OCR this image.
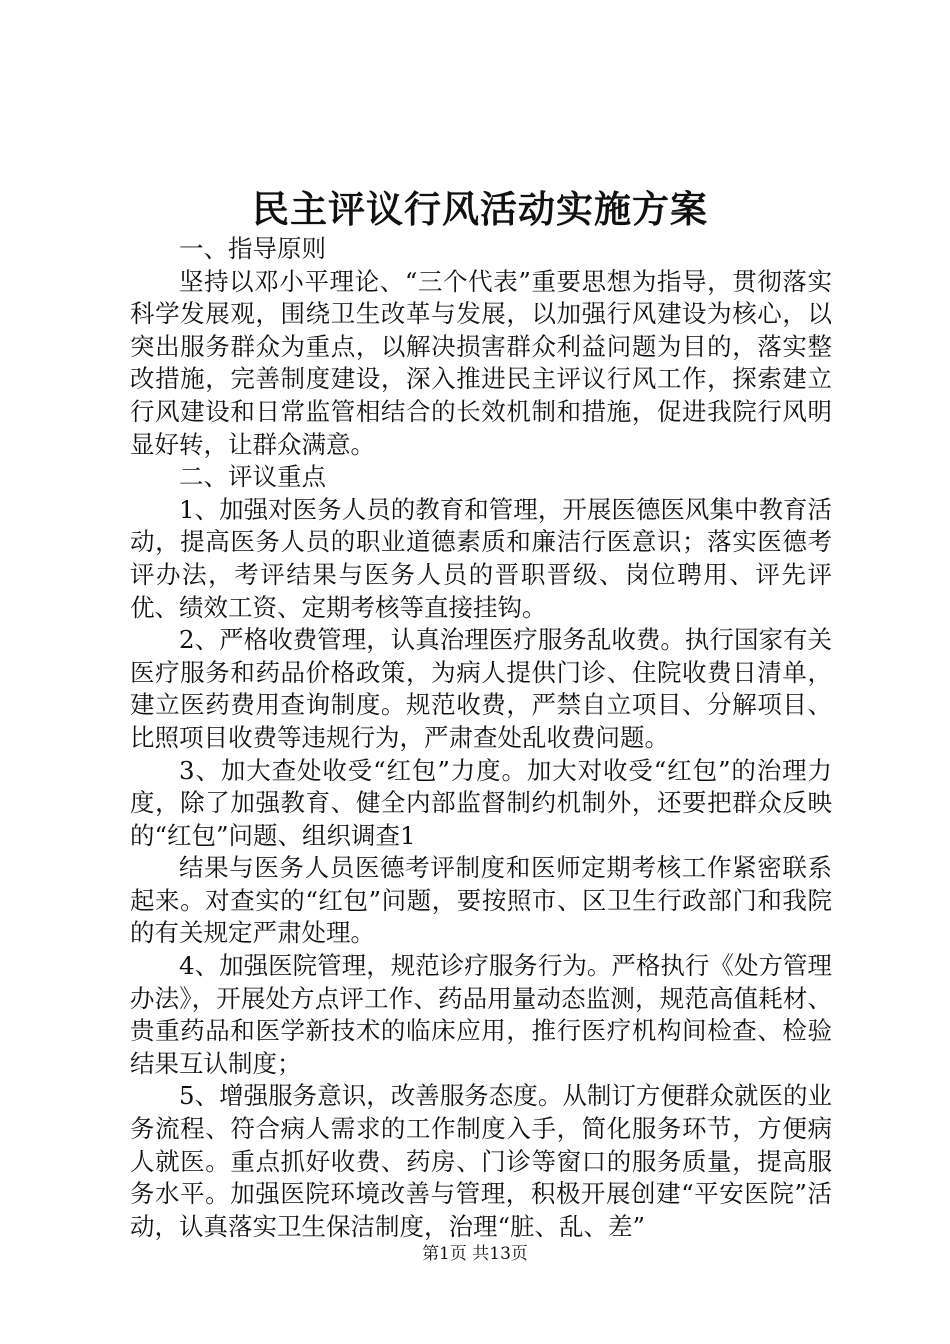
民主评议行风活动实施方案

一、指导原则

坚持以邓小平理论、“三个代表”重要思想为指导，贯彻落实科学发展观，围绕卫生改革与发展，以加强行风建设为核心，以突出服务群众为重点，以解决损害群众利益问题为目的，落实整改措施，完善制度建设，深入推进民主评议行风工作，探索建立行风建设和日常监管相结合的长效机制和措施，促进我院行风明显好转，让群众满意。

二、评议重点

1、加强对医务人员的教育和管理，开展医德医风集中教育活动，提高医务人员的职业道德素质和廉洁行医意识；落实医德考评办法，考评结果与医务人员的晋职晋级、岗位聘用、评先评优、绩效工资、定期考核等直接挂钩。

2、严格收费管理，认真治理医疗服务乱收费。执行国家有关医疗服务和药品价格政策，为病人提供门诊、住院收费日清单，建立医药费用查询制度。规范收费，严禁自立项目、分解项目、比照项目收费等违规行为，严肃查处乱收费问题。

3、加大查处收受“红包”力度。加大对收受“红包”的治理力度，除了加强教育、健全内部监督制约机制外，还要把群众反映的“红包”问题、组织调查1

结果与医务人员医德考评制度和医师定期考核工作紧密联系起来。对查实的“红包”问题，要按照市、区卫生行政部门和我院的有关规定严肃处理。

4、加强医院管理，规范诊疗服务行为。严格执行《处方管理办法》，开展处方点评工作、药品用量动态监测，规范高值耗材、贵重药品和医学新技术的临床应用，推行医疗机构间检查、检验结果互认制度；

5、增强服务意识，改善服务态度。从制订方便群众就医的业务流程、符合病人需求的工作制度入手，简化服务环节，方便病人就医。重点抓好收费、药房、门诊等窗口的服务质量，提高服务水平。加强医院环境改善与管理，积极开展创建“平安医院”活动，认真落实卫生保洁制度，治理“脏、乱、差”

第1页 共13页
